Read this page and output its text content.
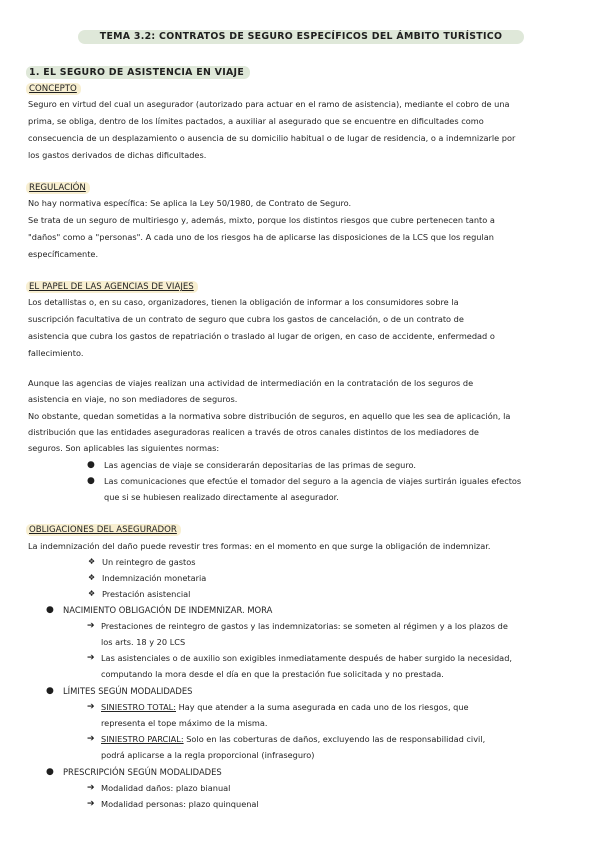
TEMA 3.2: CONTRATOS DE SEGURO ESPECÍFICOS DEL ÁMBITO TURÍSTICO
1. EL SEGURO DE ASISTENCIA EN VIAJE
CONCEPTO
Seguro en virtud del cual un asegurador (autorizado para actuar en el ramo de asistencia), mediante el cobro de una
prima, se obliga, dentro de los límites pactados, a auxiliar al asegurado que se encuentre en dificultades como
consecuencia de un desplazamiento o ausencia de su domicilio habitual o de lugar de residencia, o a indemnizarle por
los gastos derivados de dichas dificultades.
REGULACIÓN
No hay normativa específica: Se aplica la Ley 50/1980, de Contrato de Seguro.
Se trata de un seguro de multiriesgo y, además, mixto, porque los distintos riesgos que cubre pertenecen tanto a
"daños" como a "personas". A cada uno de los riesgos ha de aplicarse las disposiciones de la LCS que los regulan
específicamente.
EL PAPEL DE LAS AGENCIAS DE VIAJES
Los detallistas o, en su caso, organizadores, tienen la obligación de informar a los consumidores sobre la
suscripción facultativa de un contrato de seguro que cubra los gastos de cancelación, o de un contrato de
asistencia que cubra los gastos de repatriación o traslado al lugar de origen, en caso de accidente, enfermedad o
fallecimiento.
Aunque las agencias de viajes realizan una actividad de intermediación en la contratación de los seguros de
asistencia en viaje, no son mediadores de seguros.
No obstante, quedan sometidas a la normativa sobre distribución de seguros, en aquello que les sea de aplicación, la
distribución que las entidades aseguradoras realicen a través de otros canales distintos de los mediadores de
seguros. Son aplicables las siguientes normas:
● Las agencias de viaje se considerarán depositarias de las primas de seguro.
● Las comunicaciones que efectúe el tomador del seguro a la agencia de viajes surtirán iguales efectos
que si se hubiesen realizado directamente al asegurador.
OBLIGACIONES DEL ASEGURADOR
La indemnización del daño puede revestir tres formas: en el momento en que surge la obligación de indemnizar.
❖ Un reintegro de gastos
❖ Indemnización monetaria
❖ Prestación asistencial
● NACIMIENTO OBLIGACIÓN DE INDEMNIZAR. MORA
➔ Prestaciones de reintegro de gastos y las indemnizatorias: se someten al régimen y a los plazos de
los arts. 18 y 20 LCS
➔ Las asistenciales o de auxilio son exigibles inmediatamente después de haber surgido la necesidad,
computando la mora desde el día en que la prestación fue solicitada y no prestada.
● LÍMITES SEGÚN MODALIDADES
➔ SINIESTRO TOTAL: Hay que atender a la suma asegurada en cada uno de los riesgos, que
representa el tope máximo de la misma.
➔ SINIESTRO PARCIAL: Solo en las coberturas de daños, excluyendo las de responsabilidad civil,
podrá aplicarse a la regla proporcional (infraseguro)
● PRESCRIPCIÓN SEGÚN MODALIDADES
➔ Modalidad daños: plazo bianual
➔ Modalidad personas: plazo quinquenal
